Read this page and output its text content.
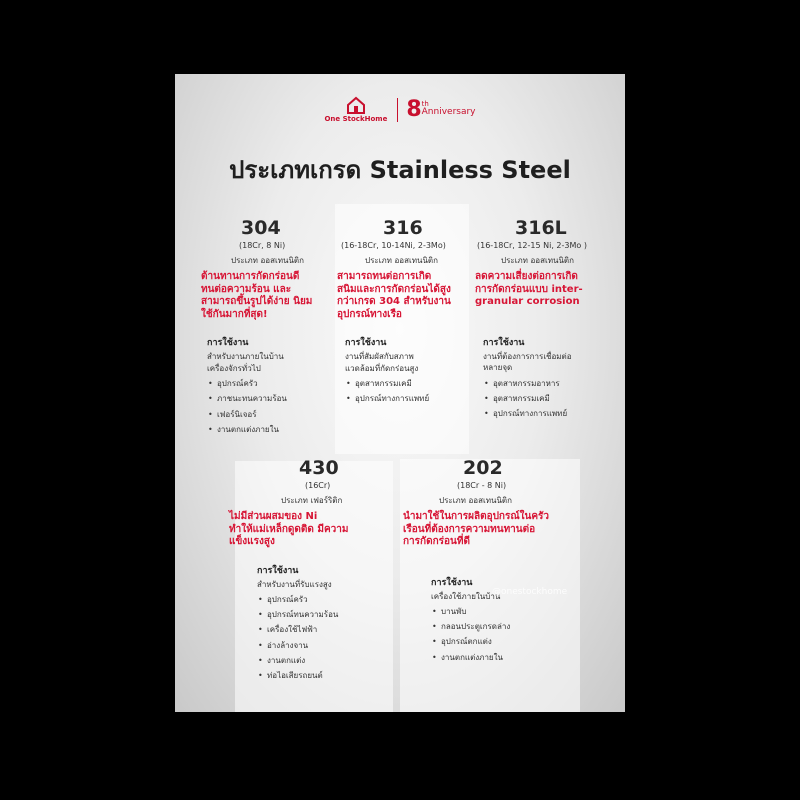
One StockHome 8 th
Anniversary
ประเภทเกรด Stainless Steel
304
(18Cr, 8 Ni)
ประเภท ออสเทนนิติก
ต้านทานการกัดกร่อนดี
ทนต่อความร้อน และ
สามารถขึ้นรูปได้ง่าย นิยม
ใช้กันมากที่สุด!
การใช้งาน
สำหรับงานภายในบ้าน
เครื่องจักรทั่วไป
• อุปกรณ์ครัว
• ภาชนะทนความร้อน
• เฟอร์นิเจอร์
• งานตกแต่งภายใน
316
(16-18Cr, 10-14Ni, 2-3Mo)
ประเภท ออสเทนนิติก
สามารถทนต่อการเกิด
สนิมและการกัดกร่อนได้สูง
กว่าเกรด 304 สำหรับงาน
อุปกรณ์ทางเรือ
การใช้งาน
งานที่สัมผัสกับสภาพ
แวดล้อมที่กัดกร่อนสูง
• อุตสาหกรรมเคมี
• อุปกรณ์ทางการแพทย์
316L
(16-18Cr, 12-15 Ni, 2-3Mo )
ประเภท ออสเทนนิติก
ลดความเสี่ยงต่อการเกิด
การกัดกร่อนแบบ inter-
granular corrosion
การใช้งาน
งานที่ต้องการการเชื่อมต่อ
หลายจุด
• อุตสาหกรรมอาหาร
• อุตสาหกรรมเคมี
• อุปกรณ์ทางการแพทย์
430
(16Cr)
ประเภท เฟอร์ริติก
ไม่มีส่วนผสมของ Ni
ทำให้แม่เหล็กดูดติด มีความ
แข็งแรงสูง
การใช้งาน
สำหรับงานที่รับแรงสูง
• อุปกรณ์ครัว
• อุปกรณ์ทนความร้อน
• เครื่องใช้ไฟฟ้า
• อ่างล้างจาน
• งานตกแต่ง
• ท่อไอเสียรถยนต์
202
(18Cr - 8 Ni)
ประเภท ออสเทนนิติก
นำมาใช้ในการผลิตอุปกรณ์ในครัว
เรือนที่ต้องการความทนทานต่อ
การกัดกร่อนที่ดี
การใช้งาน
เครื่องใช้ภายในบ้าน
• บานพับ
• กลอนประตูเกรดล่าง
• อุปกรณ์ตกแต่ง
• งานตกแต่งภายใน
@onestockhome
